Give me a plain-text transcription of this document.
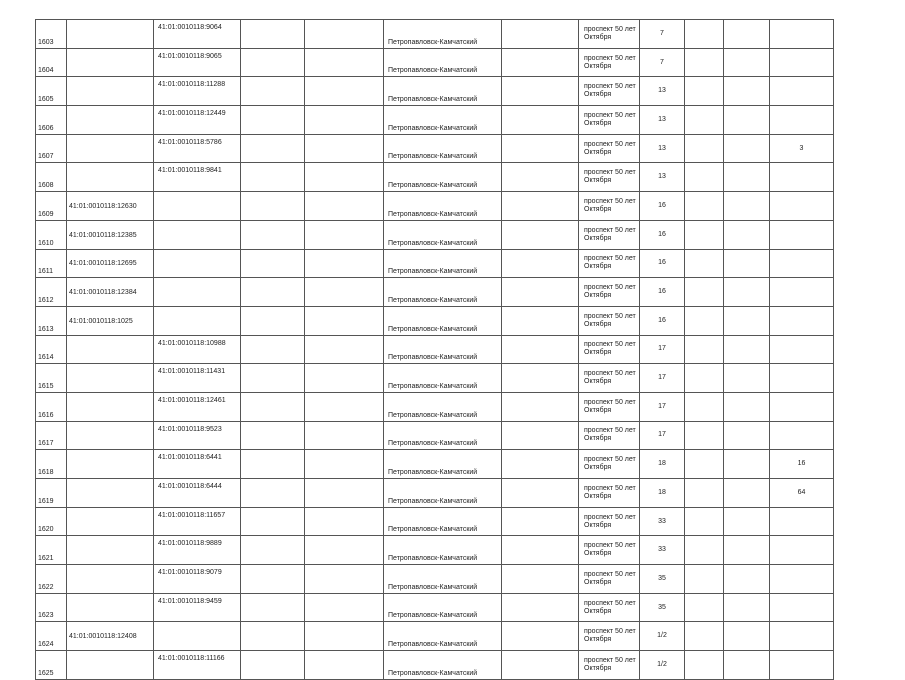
1603		41:01:0010118:9064			Петропавловск-Камчатский		проспект 50 лет
Октября	7			
1604		41:01:0010118:9065			Петропавловск-Камчатский		проспект 50 лет
Октября	7			
1605		41:01:0010118:11288			Петропавловск-Камчатский		проспект 50 лет
Октября	13			
1606		41:01:0010118:12449			Петропавловск-Камчатский		проспект 50 лет
Октября	13			
1607		41:01:0010118:5786			Петропавловск-Камчатский		проспект 50 лет
Октября	13			3
1608		41:01:0010118:9841			Петропавловск-Камчатский		проспект 50 лет
Октября	13			
1609	41:01:0010118:12630				Петропавловск-Камчатский		проспект 50 лет
Октября	16			
1610	41:01:0010118:12385				Петропавловск-Камчатский		проспект 50 лет
Октября	16			
1611	41:01:0010118:12695				Петропавловск-Камчатский		проспект 50 лет
Октября	16			
1612	41:01:0010118:12384				Петропавловск-Камчатский		проспект 50 лет
Октября	16			
1613	41:01:0010118:1025				Петропавловск-Камчатский		проспект 50 лет
Октября	16			
1614		41:01:0010118:10988			Петропавловск-Камчатский		проспект 50 лет
Октября	17			
1615		41:01:0010118:11431			Петропавловск-Камчатский		проспект 50 лет
Октября	17			
1616		41:01:0010118:12461			Петропавловск-Камчатский		проспект 50 лет
Октября	17			
1617		41:01:0010118:9523			Петропавловск-Камчатский		проспект 50 лет
Октября	17			
1618		41:01:0010118:6441			Петропавловск-Камчатский		проспект 50 лет
Октября	18			16
1619		41:01:0010118:6444			Петропавловск-Камчатский		проспект 50 лет
Октября	18			64
1620		41:01:0010118:11657			Петропавловск-Камчатский		проспект 50 лет
Октября	33			
1621		41:01:0010118:9889			Петропавловск-Камчатский		проспект 50 лет
Октября	33			
1622		41:01:0010118:9079			Петропавловск-Камчатский		проспект 50 лет
Октября	35			
1623		41:01:0010118:9459			Петропавловск-Камчатский		проспект 50 лет
Октября	35			
1624	41:01:0010118:12408				Петропавловск-Камчатский		проспект 50 лет
Октября	1/2			
1625		41:01:0010118:11166			Петропавловск-Камчатский		проспект 50 лет
Октября	1/2			
